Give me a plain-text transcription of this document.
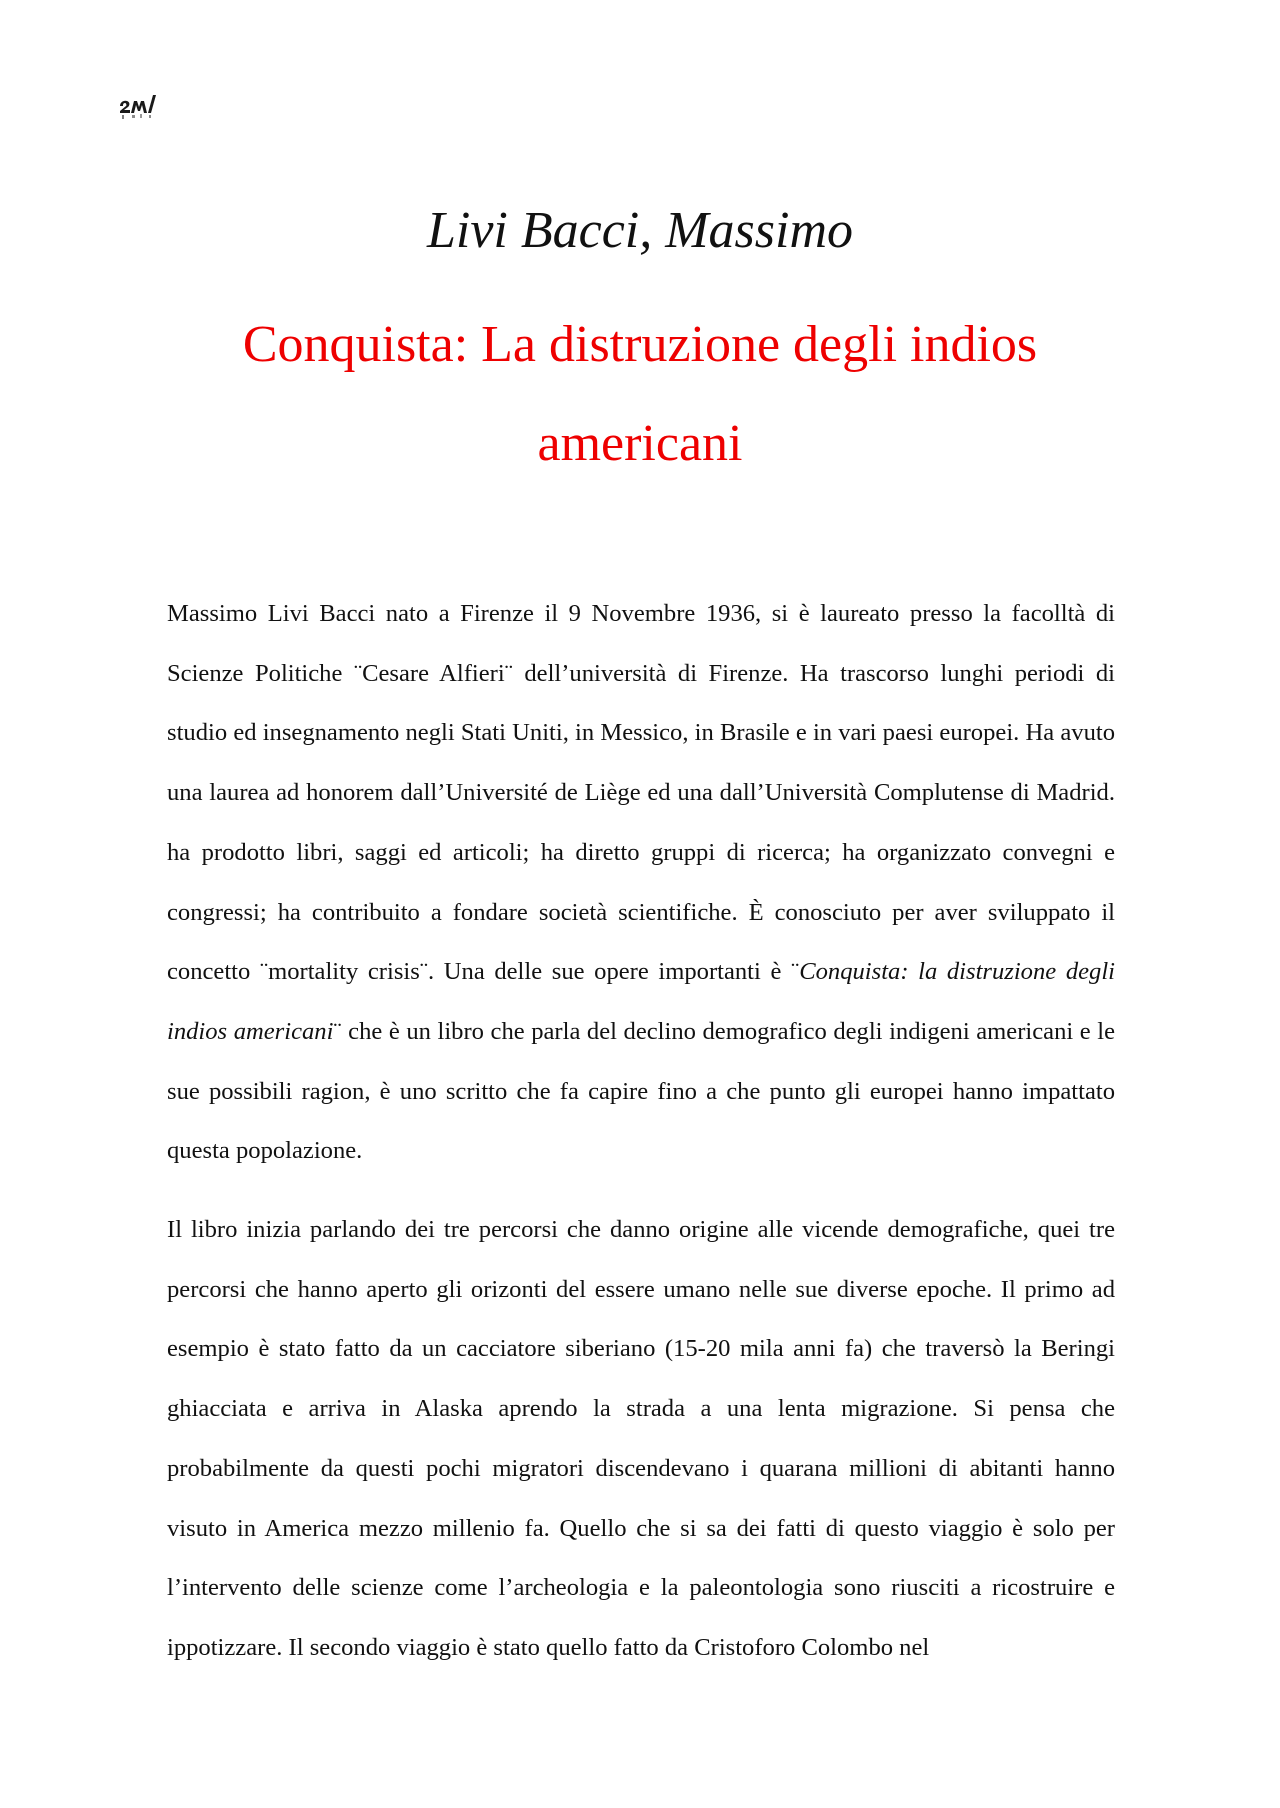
Livi Bacci, Massimo
Conquista: La distruzione degli indios americani

Massimo Livi Bacci nato a Firenze il 9 Novembre 1936, si è laureato presso la facolltà di Scienze Politiche ¨Cesare Alfieri¨ dell’università di Firenze. Ha trascorso lunghi periodi di studio ed insegnamento negli Stati Uniti, in Messico, in Brasile e in vari paesi europei. Ha avuto una laurea ad honorem dall’Université de Liège ed una dall’Università Complutense di Madrid. ha prodotto libri, saggi ed articoli; ha diretto gruppi di ricerca; ha organizzato convegni e congressi; ha contribuito a fondare società scientifiche. È conosciuto per aver sviluppato il concetto ¨mortality crisis¨. Una delle sue opere importanti è ¨Conquista: la distruzione degli indios americani¨ che è un libro che parla del declino demografico degli indigeni americani e le sue possibili ragion, è uno scritto che fa capire fino a che punto gli europei hanno impattato questa popolazione.

Il libro inizia parlando dei tre percorsi che danno origine alle vicende demografiche, quei tre percorsi che hanno aperto gli orizonti del essere umano nelle sue diverse epoche. Il primo ad esempio è stato fatto da un cacciatore siberiano (15-20 mila anni fa) che traversò la Beringi ghiacciata e arriva in Alaska aprendo la strada a una lenta migrazione. Si pensa che probabilmente da questi pochi migratori discendevano i quarana millioni di abitanti hanno visuto in America mezzo millenio fa. Quello che si sa dei fatti di questo viaggio è solo per l’intervento delle scienze come l’archeologia e la paleontologia sono riusciti a ricostruire e ippotizzare. Il secondo viaggio è stato quello fatto da Cristoforo Colombo nel
